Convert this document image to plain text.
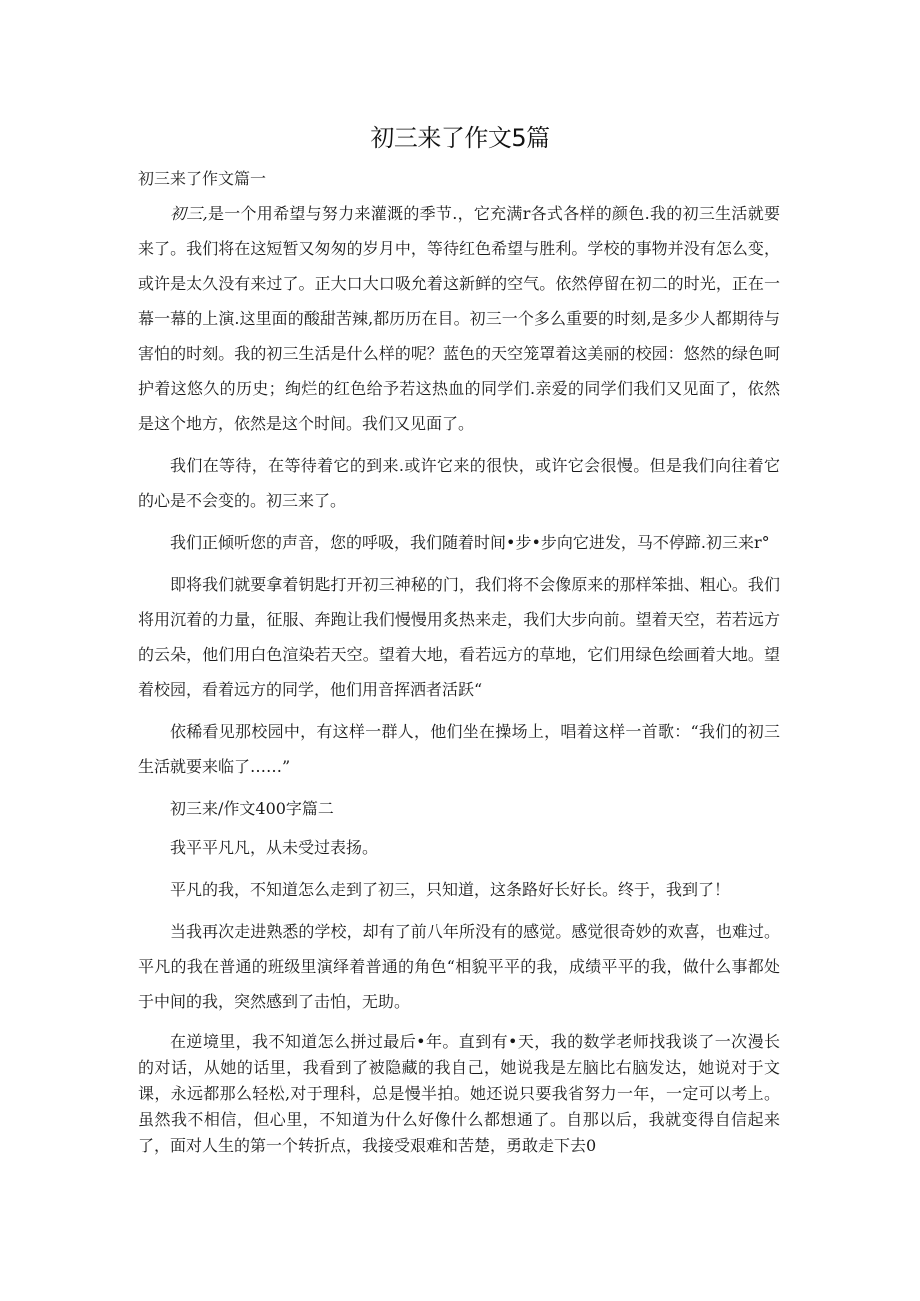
初三来了作文5篇

初三来了作文篇一

初三,是一个用希望与努力来灌溉的季节.，它充满r各式各样的颜色.我的初三生活就要来了。我们将在这短暂又匆匆的岁月中，等待红色希望与胜利。学校的事物并没有怎么变，或许是太久没有来过了。正大口大口吸允着这新鲜的空气。依然停留在初二的时光，正在一幕一幕的上演.这里面的酸甜苦辣,都历历在目。初三一个多么重要的时刻,是多少人都期待与害怕的时刻。我的初三生活是什么样的呢？蓝色的天空笼罩着这美丽的校园：悠然的绿色呵护着这悠久的历史；绚烂的红色给予若这热血的同学们.亲爱的同学们我们又见面了，依然是这个地方，依然是这个时间。我们又见面了。

我们在等待，在等待着它的到来.或许它来的很快，或许它会很慢。但是我们向往着它的心是不会变的。初三来了。

我们正倾听您的声音，您的呼吸，我们随着时间•步•步向它进发，马不停蹄.初三来r°

即将我们就要拿着钥匙打开初三神秘的门，我们将不会像原来的那样笨拙、粗心。我们将用沉着的力量，征服、奔跑让我们慢慢用炙热来走，我们大步向前。望着天空，若若远方的云朵，他们用白色渲染若天空。望着大地，看若远方的草地，它们用绿色绘画着大地。望着校园，看着远方的同学，他们用音挥洒者活跃“

依稀看见那校园中，有这样一群人，他们坐在操场上，唱着这样一首歌：“我们的初三生活就要来临了……”

初三来/作文400字篇二

我平平凡凡，从未受过表扬。

平凡的我，不知道怎么走到了初三，只知道，这条路好长好长。终于，我到了！

当我再次走进熟悉的学校，却有了前八年所没有的感觉。感觉很奇妙的欢喜，也难过。平凡的我在普通的班级里演绎着普通的角色“相貌平平的我，成绩平平的我，做什么事都处于中间的我，突然感到了击怕，无助。

在逆境里，我不知道怎么拼过最后•年。直到有•天，我的数学老师找我谈了一次漫长的对话，从她的话里，我看到了被隐藏的我自己，她说我是左脑比右脑发达，她说对于文课，永远都那么轻松,对于理科，总是慢半拍。她还说只要我省努力一年，一定可以考上。虽然我不相信，但心里，不知道为什么好像什么都想通了。自那以后，我就变得自信起来了，面对人生的第一个转折点，我接受艰难和苦楚，勇敢走下去0
